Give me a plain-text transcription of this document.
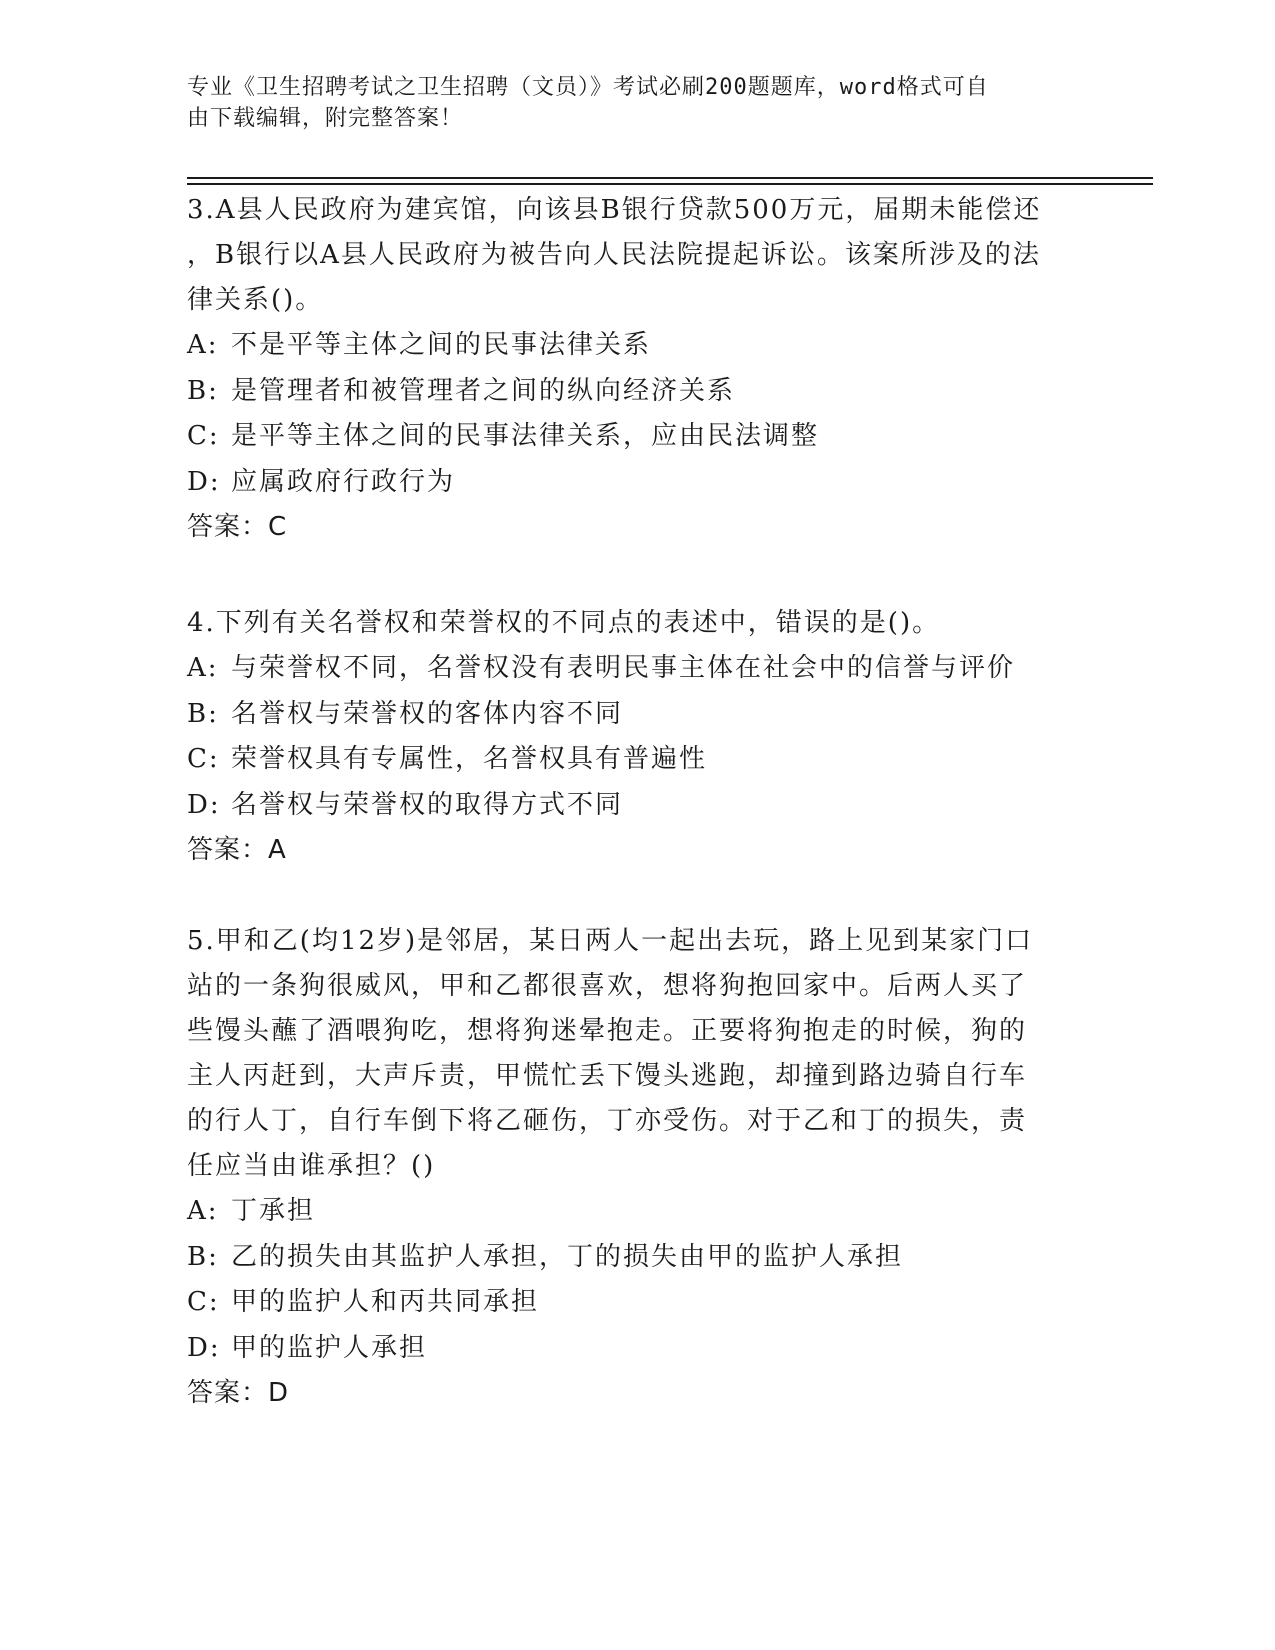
专业《卫生招聘考试之卫生招聘（文员）》考试必刷200题题库，word格式可自

由下载编辑，附完整答案！

3.A县人民政府为建宾馆，向该县B银行贷款500万元，届期未能偿还
，B银行以A县人民政府为被告向人民法院提起诉讼。该案所涉及的法
律关系()。

A: 不是平等主体之间的民事法律关系

B: 是管理者和被管理者之间的纵向经济关系

C: 是平等主体之间的民事法律关系，应由民法调整

D: 应属政府行政行为

答案：C

4.下列有关名誉权和荣誉权的不同点的表述中，错误的是()。

A: 与荣誉权不同，名誉权没有表明民事主体在社会中的信誉与评价

B: 名誉权与荣誉权的客体内容不同

C: 荣誉权具有专属性，名誉权具有普遍性

D: 名誉权与荣誉权的取得方式不同

答案：A

5.甲和乙(均12岁)是邻居，某日两人一起出去玩，路上见到某家门口
站的一条狗很威风，甲和乙都很喜欢，想将狗抱回家中。后两人买了
些馒头蘸了酒喂狗吃，想将狗迷晕抱走。正要将狗抱走的时候，狗的
主人丙赶到，大声斥责，甲慌忙丢下馒头逃跑，却撞到路边骑自行车
的行人丁，自行车倒下将乙砸伤，丁亦受伤。对于乙和丁的损失，责
任应当由谁承担？()

A: 丁承担

B: 乙的损失由其监护人承担，丁的损失由甲的监护人承担

C: 甲的监护人和丙共同承担

D: 甲的监护人承担

答案：D
